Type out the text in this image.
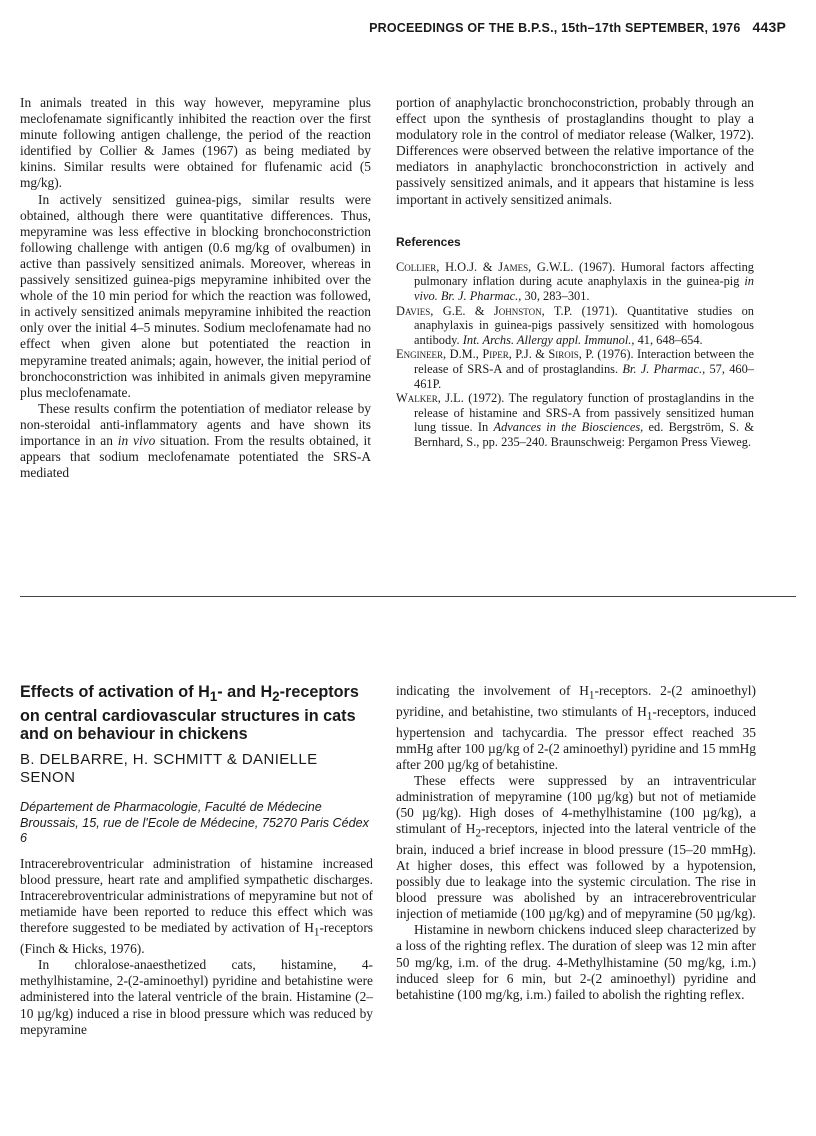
PROCEEDINGS OF THE B.P.S., 15th–17th SEPTEMBER, 1976 443P

In animals treated in this way however, mepyramine plus meclofenamate significantly inhibited the reaction over the first minute following antigen challenge, the period of the reaction identified by Collier & James (1967) as being mediated by kinins. Similar results were obtained for flufenamic acid (5 mg/kg).

In actively sensitized guinea-pigs, similar results were obtained, although there were quantitative differences. Thus, mepyramine was less effective in blocking bronchoconstriction following challenge with antigen (0.6 mg/kg of ovalbumen) in active than passively sensitized animals. Moreover, whereas in passively sensitized guinea-pigs mepyramine inhibited over the whole of the 10 min period for which the reaction was followed, in actively sensitized animals mepyramine inhibited the reaction only over the initial 4–5 minutes. Sodium meclofenamate had no effect when given alone but potentiated the reaction in mepyramine treated animals; again, however, the initial period of bronchoconstriction was inhibited in animals given mepyramine plus meclofenamate.

These results confirm the potentiation of mediator release by non-steroidal anti-inflammatory agents and have shown its importance in an in vivo situation. From the results obtained, it appears that sodium meclofenamate potentiated the SRS-A mediated

portion of anaphylactic bronchoconstriction, probably through an effect upon the synthesis of prostaglandins thought to play a modulatory role in the control of mediator release (Walker, 1972). Differences were observed between the relative importance of the mediators in anaphylactic bronchoconstriction in actively and passively sensitized animals, and it appears that histamine is less important in actively sensitized animals.

References

Collier, H.O.J. & James, G.W.L. (1967). Humoral factors affecting pulmonary inflation during acute anaphylaxis in the guinea-pig in vivo. Br. J. Pharmac., 30, 283–301.

Davies, G.E. & Johnston, T.P. (1971). Quantitative studies on anaphylaxis in guinea-pigs passively sensitized with homologous antibody. Int. Archs. Allergy appl. Immunol., 41, 648–654.

Engineer, D.M., Piper, P.J. & Sirois, P. (1976). Interaction between the release of SRS-A and of prostaglandins. Br. J. Pharmac., 57, 460–461P.

Walker, J.L. (1972). The regulatory function of prostaglandins in the release of histamine and SRS-A from passively sensitized human lung tissue. In Advances in the Biosciences, ed. Bergström, S. & Bernhard, S., pp. 235–240. Braunschweig: Pergamon Press Vieweg.

Effects of activation of $H_1-$ and $H_2$-receptors on central cardiovascular structures in cats and on behaviour in chickens
B. DELBARRE, H. SCHMITT & DANIELLE SENON
Département de Pharmacologie, Faculté de Médecine Broussais, 15, rue de l'Ecole de Médecine, 75270 Paris Cédex 6

Intracerebroventricular administration of histamine increased blood pressure, heart rate and amplified sympathetic discharges. Intracerebroventricular administrations of mepyramine but not of metiamide have been reported to reduce this effect which was therefore suggested to be mediated by activation of $H_1$-receptors (Finch & Hicks, 1976).

In chloralose-anaesthetized cats, histamine, 4-methylhistamine, 2-(2-aminoethyl) pyridine and betahistine were administered into the lateral ventricle of the brain. Histamine (2–10 µg/kg) induced a rise in blood pressure which was reduced by mepyramine

indicating the involvement of $H_1$-receptors. 2-(2 aminoethyl) pyridine, and betahistine, two stimulants of $H_1$-receptors, induced hypertension and tachycardia. The pressor effect reached 35 mmHg after 100 µg/kg of 2-(2 aminoethyl) pyridine and 15 mmHg after 200 µg/kg of betahistine.

These effects were suppressed by an intraventricular administration of mepyramine (100 µg/kg) but not of metiamide (50 µg/kg). High doses of 4-methylhistamine (100 µg/kg), a stimulant of $H_2$-receptors, injected into the lateral ventricle of the brain, induced a brief increase in blood pressure (15–20 mmHg). At higher doses, this effect was followed by a hypotension, possibly due to leakage into the systemic circulation. The rise in blood pressure was abolished by an intracerebroventricular injection of metiamide (100 µg/kg) and of mepyramine (50 µg/kg).

Histamine in newborn chickens induced sleep characterized by a loss of the righting reflex. The duration of sleep was 12 min after 50 mg/kg, i.m. of the drug. 4-Methylhistamine (50 mg/kg, i.m.) induced sleep for 6 min, but 2-(2 aminoethyl) pyridine and betahistine (100 mg/kg, i.m.) failed to abolish the righting reflex.
